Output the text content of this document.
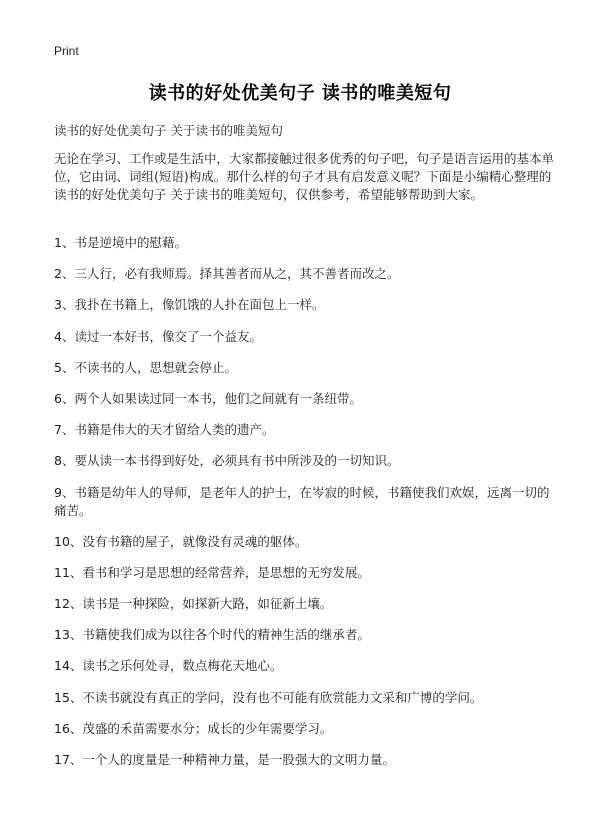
Print
读书的好处优美句子 读书的唯美短句
读书的好处优美句子 关于读书的唯美短句
无论在学习、工作或是生活中，大家都接触过很多优秀的句子吧，句子是语言运用的基本单位，它由词、词组(短语)构成。那什么样的句子才具有启发意义呢？下面是小编精心整理的读书的好处优美句子 关于读书的唯美短句，仅供参考，希望能够帮助到大家。
1、书是逆境中的慰藉。
2、三人行，必有我师焉。择其善者而从之，其不善者而改之。
3、我扑在书籍上，像饥饿的人扑在面包上一样。
4、读过一本好书，像交了一个益友。
5、不读书的人，思想就会停止。
6、两个人如果读过同一本书，他们之间就有一条纽带。
7、书籍是伟大的天才留给人类的遗产。
8、要从读一本书得到好处，必须具有书中所涉及的一切知识。
9、书籍是幼年人的导师，是老年人的护士，在岑寂的时候，书籍使我们欢娱，远离一切的痛苦。
10、没有书籍的屋子，就像没有灵魂的躯体。
11、看书和学习是思想的经常营养，是思想的无穷发展。
12、读书是一种探险，如探新大路，如征新土壤。
13、书籍使我们成为以往各个时代的精神生活的继承者。
14、读书之乐何处寻，数点梅花天地心。
15、不读书就没有真正的学问，没有也不可能有欣赏能力文采和广博的学问。
16、茂盛的禾苗需要水分；成长的少年需要学习。
17、一个人的度量是一种精神力量，是一股强大的文明力量。
